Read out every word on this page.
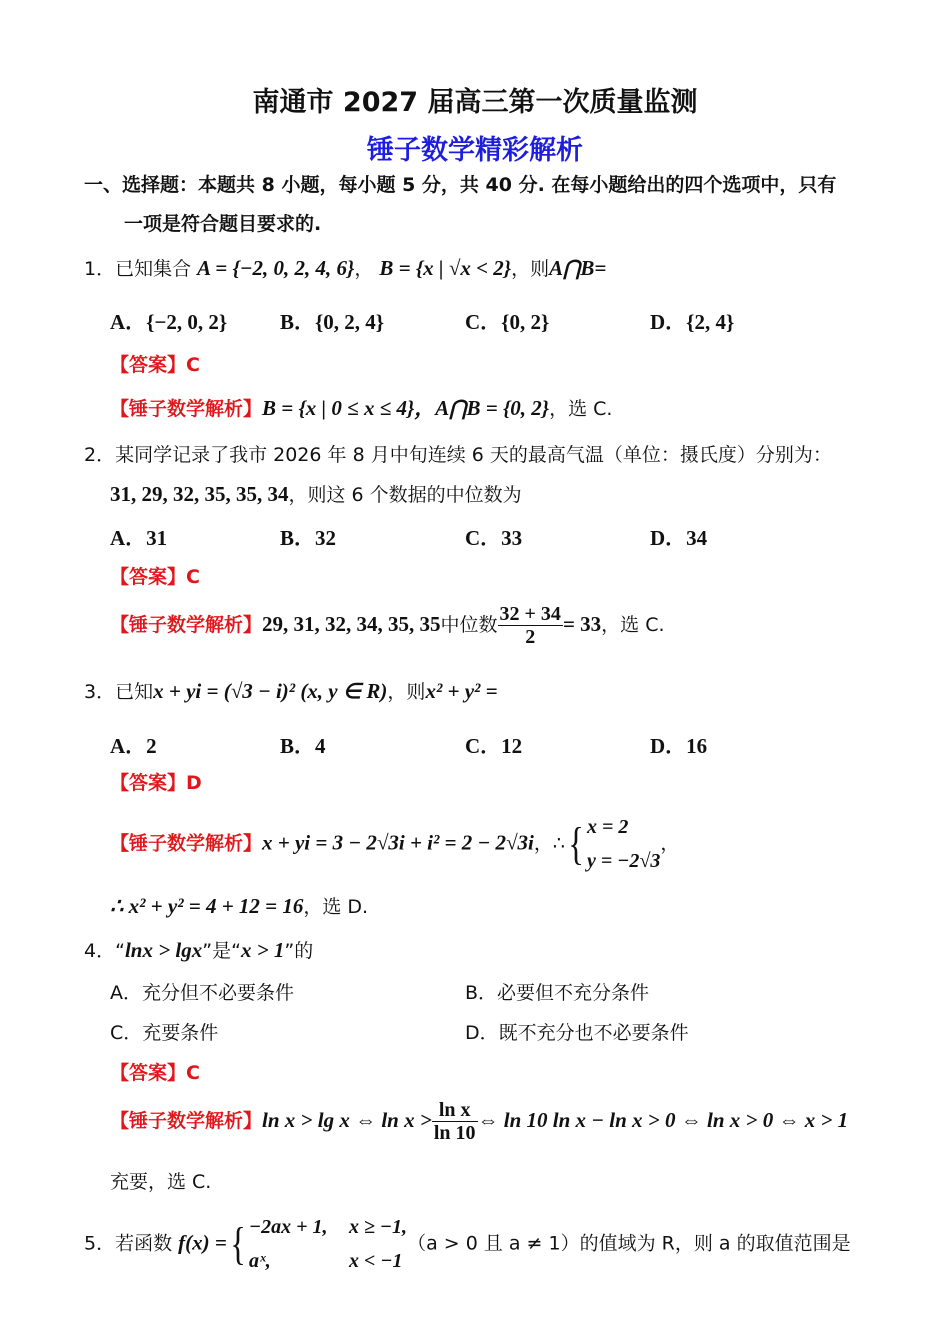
南通市 2027 届高三第一次质量监测
锤子数学精彩解析
一、选择题：本题共 8 小题，每小题 5 分，共 40 分. 在每小题给出的四个选项中，只有
一项是符合题目要求的.
1．已知集合 A = {−2, 0, 2, 4, 6}， B = {x | √x < 2}，则A⋂B=
A．{−2, 0, 2}	B．{0, 2, 4}	C．{0, 2}	D．{2, 4}
【答案】C
【锤子数学解析】B = {x | 0 ≤ x ≤ 4}，A⋂B = {0, 2}，选 C.
2．某同学记录了我市 2026 年 8 月中旬连续 6 天的最高气温（单位：摄氏度）分别为：
31, 29, 32, 35, 35, 34，则这 6 个数据的中位数为
A．31	B．32	C．33	D．34
【答案】C
【锤子数学解析】29, 31, 32, 34, 35, 35中位数 $\frac{32 + 34}{2} = 33$，选 C.
3．已知x + yi = (√3 − i)² (x, y ∈ R)，则x² + y² =
A．2	B．4	C．12	D．16
【答案】D
【锤子数学解析】x + yi = 3 − 2√3i + i² = 2 − 2√3i，∴{ x = 2
y = −2√3
，
∴ x² + y² = 4 + 12 = 16，选 D.
4．“lnx > lgx”是“x > 1”的
A．充分但不必要条件	B．必要但不充分条件
C．充要条件	D．既不充分也不必要条件
【答案】C
【锤子数学解析】ln x > lg x ⇔ $\ln x > \frac{\text{ln x}}{\ln 10}$ ⇔ ln 10 ln x − ln x > 0 ⇔ ln x > 0 ⇔ x > 1
充要，选 C.
5．若函数 f(x) ={ −2ax + 1, x ≥ −1,
aˣ,	x < −1
（a > 0 且 a ≠ 1）的值域为 R，则 a 的取值范围是
